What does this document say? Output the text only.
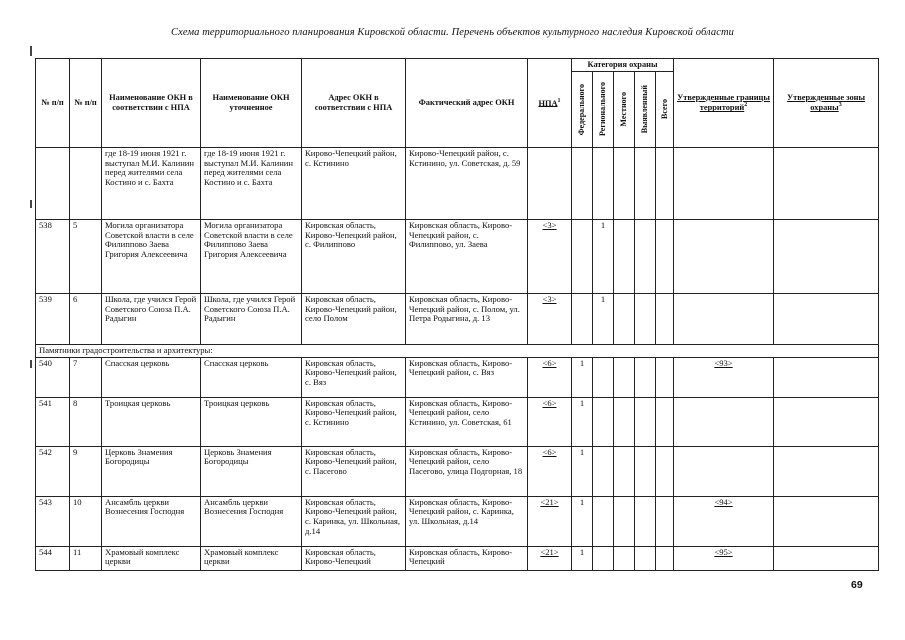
Схема территориального планирования Кировской области. Перечень объектов культурного наследия Кировской области
№ п/п	№ п/п	Наименование ОКН в соответствии с НПА	Наименование ОКН уточненное	Адрес ОКН в соответствии с НПА	Фактический адрес ОКН	НПА$^1$	Категория охраны					Утвержденные границы территорий$^2$	Утвержденные зоны охраны$^3$

							Федерального	Регионального	Местного	Выявленный	Всего		

		где 18-19 июня 1921 г. выступал М.И. Калинин перед жителями села Костино и с. Бахта	где 18-19 июня 1921 г. выступал М.И. Калинин перед жителями села Костино и с. Бахта	Кирово-Чепецкий район, с. Кстинино	Кирово-Чепецкий район, с. Кстинино, ул. Советская, д. 59								
538	5	Могила организатора Советской власти в селе Филиппово Заева Григория Алексеевича	Могила организатора Советской власти в селе Филиппово Заева Григория Алексеевича	Кировская область, Кирово-Чепецкий район, с. Филиппово	Кировская область, Кирово-Чепецкий район, с. Филиппово, ул. Заева	<3>		1					
539	6	Школа, где учился Герой Советского Союза П.А. Радыгин	Школа, где учился Герой Советского Союза П.А. Радыгин	Кировская область, Кирово-Чепецкий район, село Полом	Кировская область, Кирово-Чепецкий район, с. Полом, ул. Петра Родыгина, д. 13	<3>		1					
Памятники градостроительства и архитектуры:													
540	7	Спасская церковь	Спасская церковь	Кировская область, Кирово-Чепецкий район, с. Вяз	Кировская область, Кирово-Чепецкий район, с. Вяз	<6>	1					<93>	
541	8	Троицкая церковь	Троицкая церковь	Кировская область, Кирово-Чепецкий район, с. Кстинино	Кировская область, Кирово-Чепецкий район, село Кстинино, ул. Советская, 61	<6>	1						
542	9	Церковь Знамения Богородицы	Церковь Знамения Богородицы	Кировская область, Кирово-Чепецкий район, с. Пасегово	Кировская область, Кирово-Чепецкий район, село Пасегово, улица Подгорная, 18	<6>	1						
543	10	Ансамбль церкви Вознесения Господня	Ансамбль церкви Вознесения Господня	Кировская область, Кирово-Чепецкий район, с. Каринка, ул. Школьная, д.14	Кировская область, Кирово-Чепецкий район, с. Каринка, ул. Школьная, д.14	<21>	1					<94>	
544	11	Храмовый комплекс церкви	Храмовый комплекс церкви	Кировская область, Кирово-Чепецкий	Кировская область, Кирово-Чепецкий	<21>	1					<95>	
69
